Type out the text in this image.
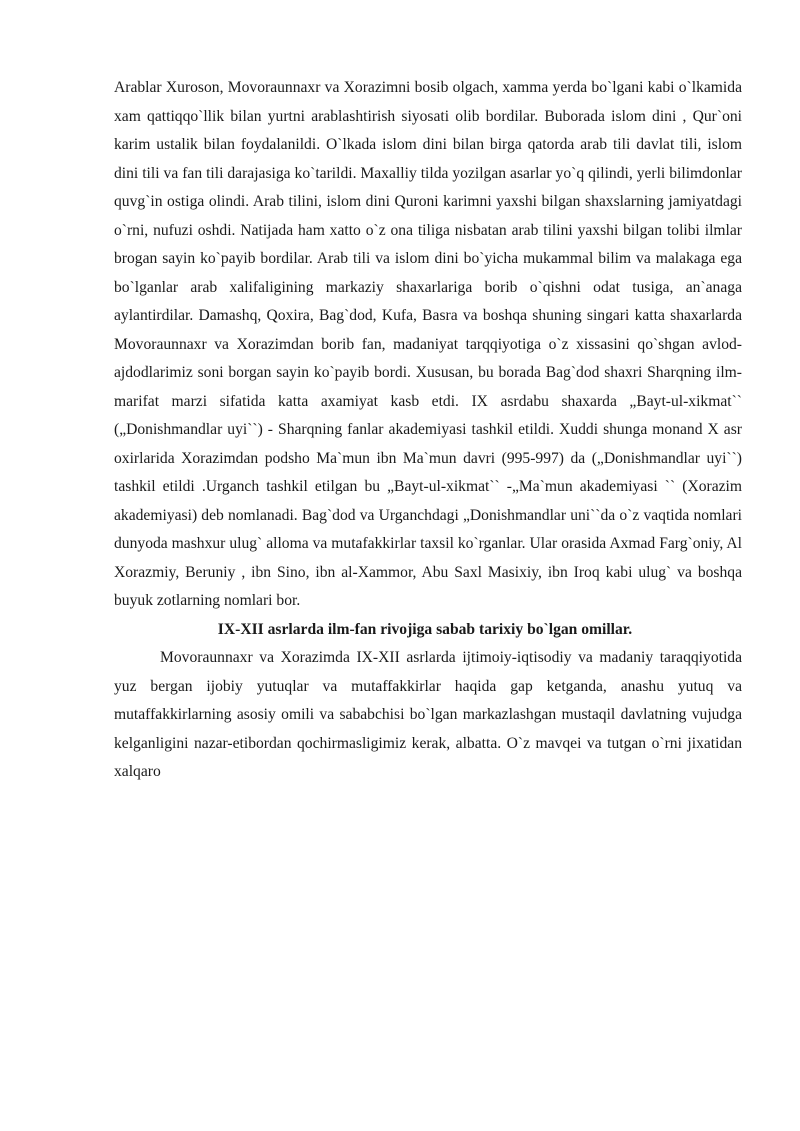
Arablar Xuroson, Movoraunnaxr va Xorazimni bosib olgach, xamma yerda bo`lgani kabi o`lkamida xam qattiqqo`llik bilan yurtni arablashtirish siyosati olib bordilar. Buborada islom dini , Qur`oni karim ustalik bilan foydalanildi. O`lkada islom dini bilan birga qatorda arab tili davlat tili, islom dini tili va fan tili darajasiga ko`tarildi. Maxalliy tilda yozilgan asarlar yo`q qilindi, yerli bilimdonlar quvg`in ostiga olindi. Arab tilini, islom dini Quroni karimni yaxshi bilgan shaxslarning jamiyatdagi o`rni, nufuzi oshdi. Natijada ham xatto o`z ona tiliga nisbatan arab tilini yaxshi bilgan tolibi ilmlar brogan sayin ko`payib bordilar. Arab tili va islom dini bo`yicha mukammal bilim va malakaga ega bo`lganlar arab xalifaligining markaziy shaxarlariga borib o`qishni odat tusiga, an`anaga aylantirdilar. Damashq, Qoxira, Bag`dod, Kufa, Basra va boshqa shuning singari katta shaxarlarda Movoraunnaxr va Xorazimdan borib fan, madaniyat tarqqiyotiga o`z xissasini qo`shgan avlod-ajdodlarimiz soni borgan sayin ko`payib bordi. Xususan, bu borada Bag`dod shaxri Sharqning ilm-marifat marzi sifatida katta axamiyat kasb etdi. IX asrdabu shaxarda „Bayt-ul-xikmat`` („Donishmandlar uyi``) - Sharqning fanlar akademiyasi tashkil etildi. Xuddi shunga monand X asr oxirlarida Xorazimdan podsho Ma`mun ibn Ma`mun davri (995-997) da („Donishmandlar uyi``) tashkil etildi .Urganch tashkil etilgan bu „Bayt-ul-xikmat`` -„Ma`mun akademiyasi `` (Xorazim akademiyasi) deb nomlanadi. Bag`dod va Urganchdagi „Donishmandlar uni``da o`z vaqtida nomlari dunyoda mashxur ulug` alloma va mutafakkirlar taxsil ko`rganlar. Ular orasida Axmad Farg`oniy, Al Xorazmiy, Beruniy , ibn Sino, ibn al-Xammor, Abu Saxl Masixiy, ibn Iroq kabi ulug` va boshqa buyuk zotlarning nomlari bor.

IX-XII asrlarda ilm-fan rivojiga sabab tarixiy bo`lgan omillar.

Movoraunnaxr va Xorazimda IX-XII asrlarda ijtimoiy-iqtisodiy va madaniy taraqqiyotida yuz bergan ijobiy yutuqlar va mutaffakkirlar haqida gap ketganda, anashu yutuq va mutaffakkirlarning asosiy omili va sababchisi bo`lgan markazlashgan mustaqil davlatning vujudga kelganligini nazar-etibordan qochirmasligimiz kerak, albatta. O`z mavqei va tutgan o`rni jixatidan xalqaro
